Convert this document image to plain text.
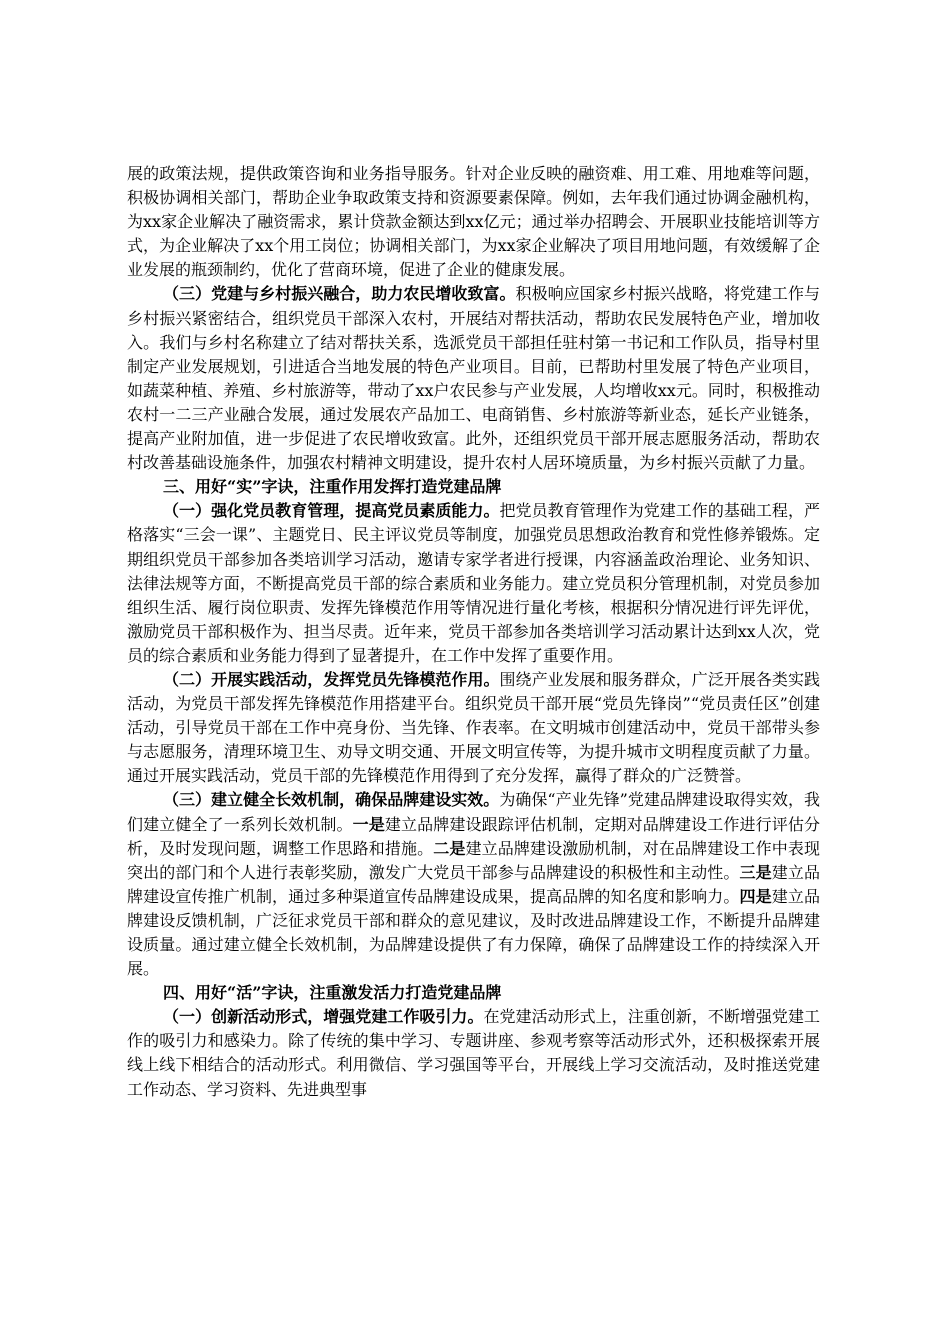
展的政策法规，提供政策咨询和业务指导服务。针对企业反映的融资难、用工难、用地难等问题，积极协调相关部门，帮助企业争取政策支持和资源要素保障。例如，去年我们通过协调金融机构，为xx家企业解决了融资需求，累计贷款金额达到xx亿元；通过举办招聘会、开展职业技能培训等方式，为企业解决了xx个用工岗位；协调相关部门，为xx家企业解决了项目用地问题，有效缓解了企业发展的瓶颈制约，优化了营商环境，促进了企业的健康发展。

（三）党建与乡村振兴融合，助力农民增收致富。积极响应国家乡村振兴战略，将党建工作与乡村振兴紧密结合，组织党员干部深入农村，开展结对帮扶活动，帮助农民发展特色产业，增加收入。我们与乡村名称建立了结对帮扶关系，选派党员干部担任驻村第一书记和工作队员，指导村里制定产业发展规划，引进适合当地发展的特色产业项目。目前，已帮助村里发展了特色产业项目，如蔬菜种植、养殖、乡村旅游等，带动了xx户农民参与产业发展，人均增收xx元。同时，积极推动农村一二三产业融合发展，通过发展农产品加工、电商销售、乡村旅游等新业态，延长产业链条，提高产业附加值，进一步促进了农民增收致富。此外，还组织党员干部开展志愿服务活动，帮助农村改善基础设施条件，加强农村精神文明建设，提升农村人居环境质量，为乡村振兴贡献了力量。

三、用好“实”字诀，注重作用发挥打造党建品牌

（一）强化党员教育管理，提高党员素质能力。把党员教育管理作为党建工作的基础工程，严格落实“三会一课”、主题党日、民主评议党员等制度，加强党员思想政治教育和党性修养锻炼。定期组织党员干部参加各类培训学习活动，邀请专家学者进行授课，内容涵盖政治理论、业务知识、法律法规等方面，不断提高党员干部的综合素质和业务能力。建立党员积分管理机制，对党员参加组织生活、履行岗位职责、发挥先锋模范作用等情况进行量化考核，根据积分情况进行评先评优，激励党员干部积极作为、担当尽责。近年来，党员干部参加各类培训学习活动累计达到xx人次，党员的综合素质和业务能力得到了显著提升，在工作中发挥了重要作用。

（二）开展实践活动，发挥党员先锋模范作用。围绕产业发展和服务群众，广泛开展各类实践活动，为党员干部发挥先锋模范作用搭建平台。组织党员干部开展“党员先锋岗”“党员责任区”创建活动，引导党员干部在工作中亮身份、当先锋、作表率。在文明城市创建活动中，党员干部带头参与志愿服务，清理环境卫生、劝导文明交通、开展文明宣传等，为提升城市文明程度贡献了力量。通过开展实践活动，党员干部的先锋模范作用得到了充分发挥，赢得了群众的广泛赞誉。

（三）建立健全长效机制，确保品牌建设实效。为确保“产业先锋”党建品牌建设取得实效，我们建立健全了一系列长效机制。一是建立品牌建设跟踪评估机制，定期对品牌建设工作进行评估分析，及时发现问题，调整工作思路和措施。二是建立品牌建设激励机制，对在品牌建设工作中表现突出的部门和个人进行表彰奖励，激发广大党员干部参与品牌建设的积极性和主动性。三是建立品牌建设宣传推广机制，通过多种渠道宣传品牌建设成果，提高品牌的知名度和影响力。四是建立品牌建设反馈机制，广泛征求党员干部和群众的意见建议，及时改进品牌建设工作，不断提升品牌建设质量。通过建立健全长效机制，为品牌建设提供了有力保障，确保了品牌建设工作的持续深入开展。

四、用好“活”字诀，注重激发活力打造党建品牌

（一）创新活动形式，增强党建工作吸引力。在党建活动形式上，注重创新，不断增强党建工作的吸引力和感染力。除了传统的集中学习、专题讲座、参观考察等活动形式外，还积极探索开展线上线下相结合的活动形式。利用微信、学习强国等平台，开展线上学习交流活动，及时推送党建工作动态、学习资料、先进典型事
